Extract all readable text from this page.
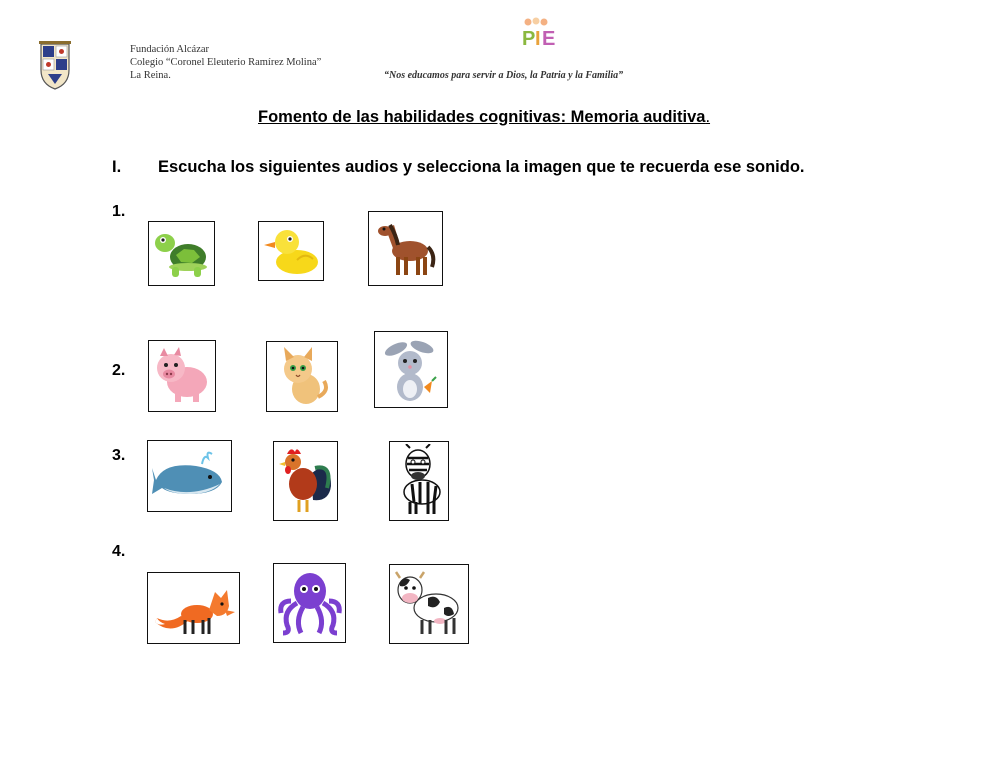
Fundación Alcázar
Colegio “Coronel Eleuterio Ramírez Molina”
La Reina.
P I E
“Nos educamos para servir a Dios, la Patria y la Familia”
Fomento de las habilidades cognitivas: Memoria auditiva.
I. Escucha los siguientes audios y selecciona la imagen que te recuerda ese sonido.
1.
2.
3.
4.
